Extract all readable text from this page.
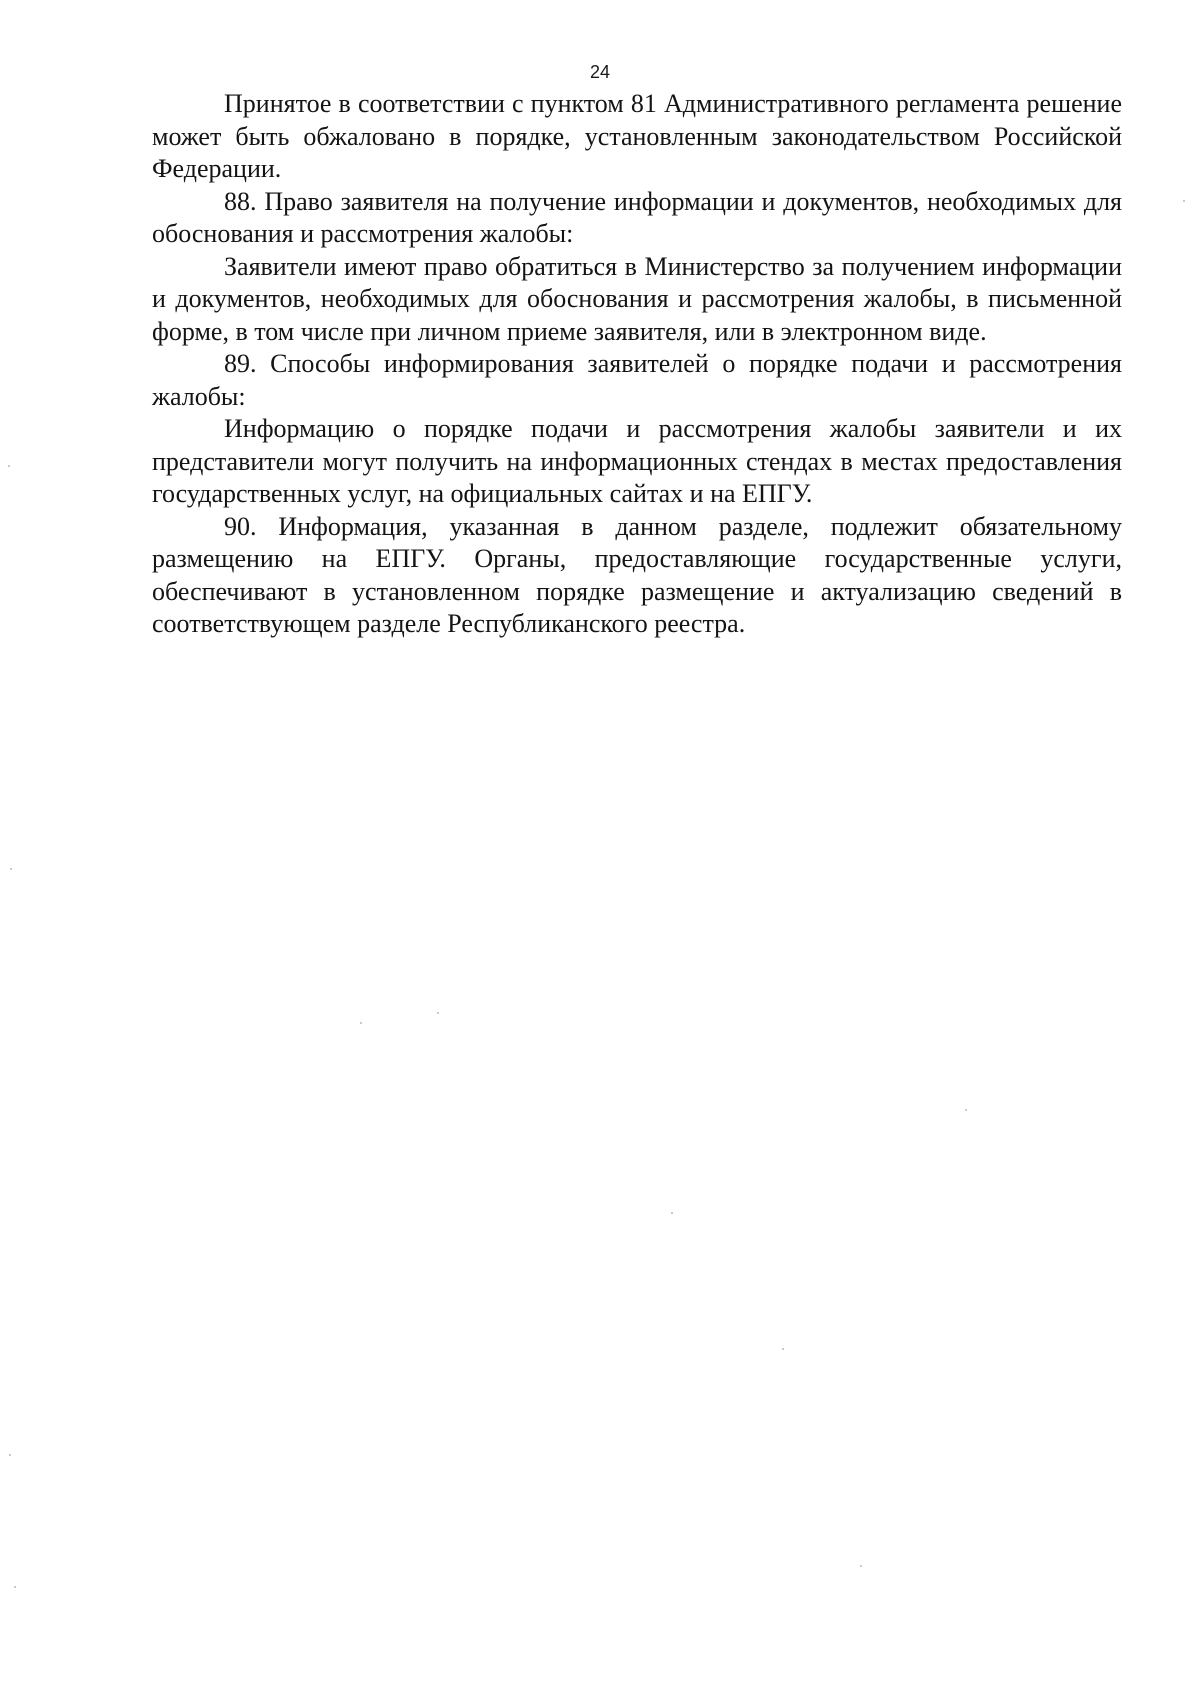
24

Принятое в соответствии с пунктом 81 Административного регламента решение может быть обжаловано в порядке, установленным законодательством Российской Федерации.

88. Право заявителя на получение информации и документов, необходимых для обоснования и рассмотрения жалобы:

Заявители имеют право обратиться в Министерство за получением информации и документов, необходимых для обоснования и рассмотрения жалобы, в письменной форме, в том числе при личном приеме заявителя, или в электронном виде.

89. Способы информирования заявителей о порядке подачи и рассмотрения жалобы:

Информацию о порядке подачи и рассмотрения жалобы заявители и их представители могут получить на информационных стендах в местах предоставления государственных услуг, на официальных сайтах и на ЕПГУ.

90. Информация, указанная в данном разделе, подлежит обязательному размещению на ЕПГУ. Органы, предоставляющие государственные услуги, обеспечивают в установленном порядке размещение и актуализацию сведений в соответствующем разделе Республиканского реестра.
